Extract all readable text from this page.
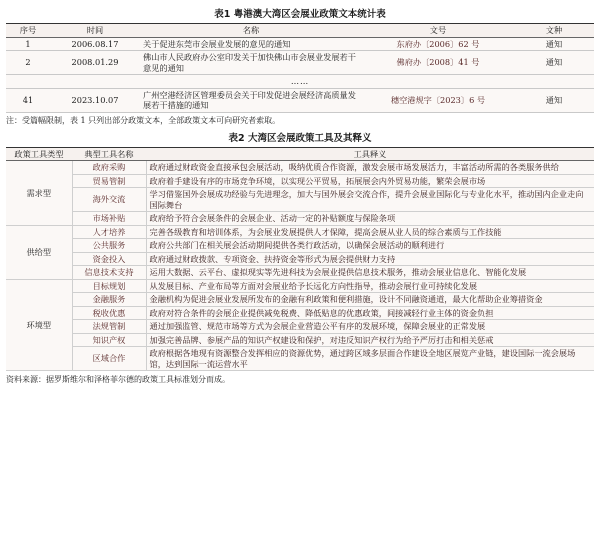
表1 粤港澳大湾区会展业政策文本统计表
序号	时间	名称	文号	文种
1	2006.08.17	关于促进东莞市会展业发展的意见的通知	东府办〔2006〕62 号	通知
2	2008.01.29	佛山市人民政府办公室印发关于加快佛山市会展业发展若干意见的通知	佛府办〔2008〕41 号	通知
……				
41	2023.10.07	广州空港经济区管理委员会关于印发促进会展经济高质量发展若干措施的通知	穗空港规字〔2023〕6 号	通知
注：受篇幅限制，表 1 只列出部分政策文本，全部政策文本可向研究者索取。
表2 大湾区会展政策工具及其释义
政策工具类型	典型工具名称	工具释义
需求型	政府采购	政府通过财政资金直接承包会展活动，吸纳优质合作资源，激发会展市场发展活力，丰富活动所需的各类服务供给
	贸易管制	政府着手建设有序的市场竞争环境，以实现公平贸易，拓展展会内外贸易功能，繁荣会展市场
	海外交流	学习借鉴国外会展成功经验与先进理念，加大与国外展会交流合作，提升会展业国际化与专业化水平，推动国内企业走向国际舞台
	市场补贴	政府给予符合会展条件的会展企业、活动一定的补贴额度与保险条项
供给型	人才培养	完善各级教育和培训体系，为会展业发展提供人才保障，提高会展从业人员的综合素质与工作技能
	公共服务	政府公共部门在相关展会活动期间提供各类行政活动，以确保会展活动的顺利进行
	资金投入	政府通过财政拨款、专项资金、扶持资金等形式为展会提供财力支持
	信息技术支持	运用大数据、云平台、虚拟现实等先进科技为会展业提供信息技术服务，推动会展业信息化、智能化发展
环境型	目标规划	从发展目标、产业布局等方面对会展业给予长远化方向性指导，推动会展行业可持续化发展
	金融服务	金融机构为促进会展业发展所发布的金融有利政策和便利措施，设计不同融资通道，最大化帮助企业筹措资金
	税收优惠	政府对符合条件的会展企业提供减免税费、降低贴息的优惠政策，间接减轻行业主体的资金负担
	法规管制	通过加强监管、规范市场等方式为会展企业营造公平有序的发展环境，保障会展业的正常发展
	知识产权	加强完善品牌、参展产品的知识产权建设和保护，对违反知识产权行为给予严厉打击和相关惩戒
	区域合作	政府根据各地现有资源整合发挥相应的资源优势，通过跨区域多层面合作建设全地区展览产业链，建设国际一流会展场馆，达到国际一流运营水平
资料来源：据罗斯维尔和泽格菲尔德的政策工具标准划分而成。
